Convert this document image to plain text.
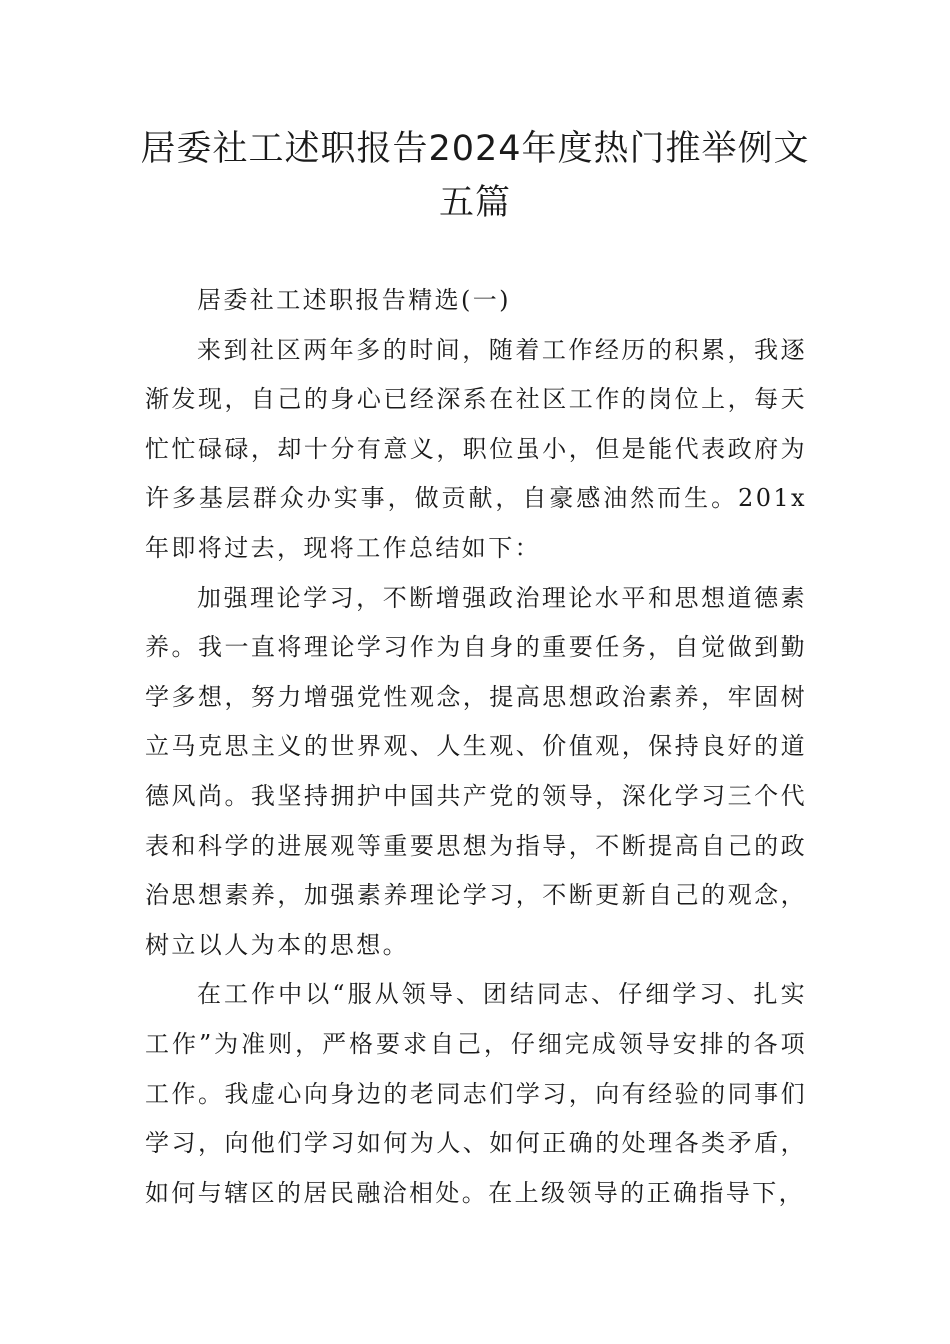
居委社工述职报告2024年度热门推举例文五篇

居委社工述职报告精选(一)

来到社区两年多的时间，随着工作经历的积累，我逐渐发现，自己的身心已经深系在社区工作的岗位上，每天忙忙碌碌，却十分有意义，职位虽小，但是能代表政府为许多基层群众办实事，做贡献，自豪感油然而生。201x年即将过去，现将工作总结如下：

加强理论学习，不断增强政治理论水平和思想道德素养。我一直将理论学习作为自身的重要任务，自觉做到勤学多想，努力增强党性观念，提高思想政治素养，牢固树立马克思主义的世界观、人生观、价值观，保持良好的道德风尚。我坚持拥护中国共产党的领导，深化学习三个代表和科学的进展观等重要思想为指导，不断提高自己的政治思想素养，加强素养理论学习，不断更新自己的观念，树立以人为本的思想。

在工作中以“服从领导、团结同志、仔细学习、扎实工作”为准则，严格要求自己，仔细完成领导安排的各项工作。我虚心向身边的老同志们学习，向有经验的同事们学习，向他们学习如何为人、如何正确的处理各类矛盾，如何与辖区的居民融洽相处。在上级领导的正确指导下，
